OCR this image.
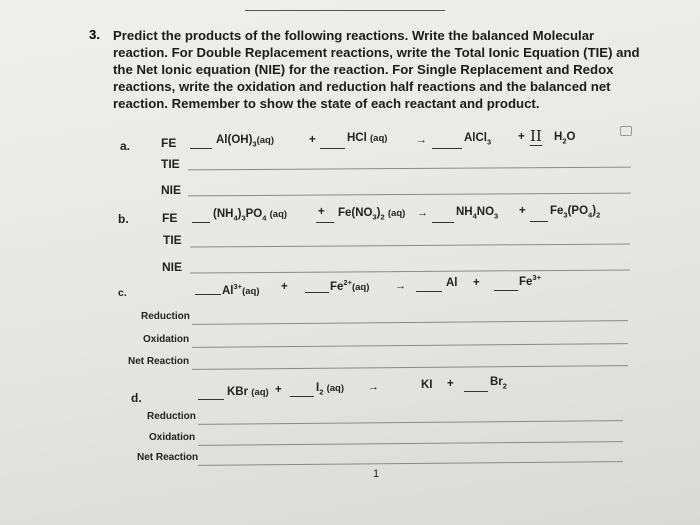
3. Predict the products of the following reactions. Write the balanced Molecular reaction. For Double Replacement reactions, write the Total Ionic Equation (TIE) and the Net Ionic equation (NIE) for the reaction. For Single Replacement and Redox reactions, write the oxidation and reduction half reactions and the balanced net reaction. Remember to show the state of each reactant and product.
a.	FE	$Al(OH)_3(aq)$	+	HCl (aq)	→	AlCl$_3$ + II $H_2O$
TIE
NIE
b.	FE	$(NH_4)_3PO_4$ (aq)	+ $Fe(NO_3)_2$ $(aq) \to NH_4NO_3 + Fe_3(PO_4)_2$
TIE
NIE
c.	$Al^{3+}(aq)$ +	$Fe^{2+}(aq)$ →	Al +	$Fe^{3+}$
Reduction
Oxidation
Net Reaction
d.	KBr (aq) +	$I_2$ (aq) →	KI +	$Br_2$
Reduction
Oxidation
Net Reaction
1
